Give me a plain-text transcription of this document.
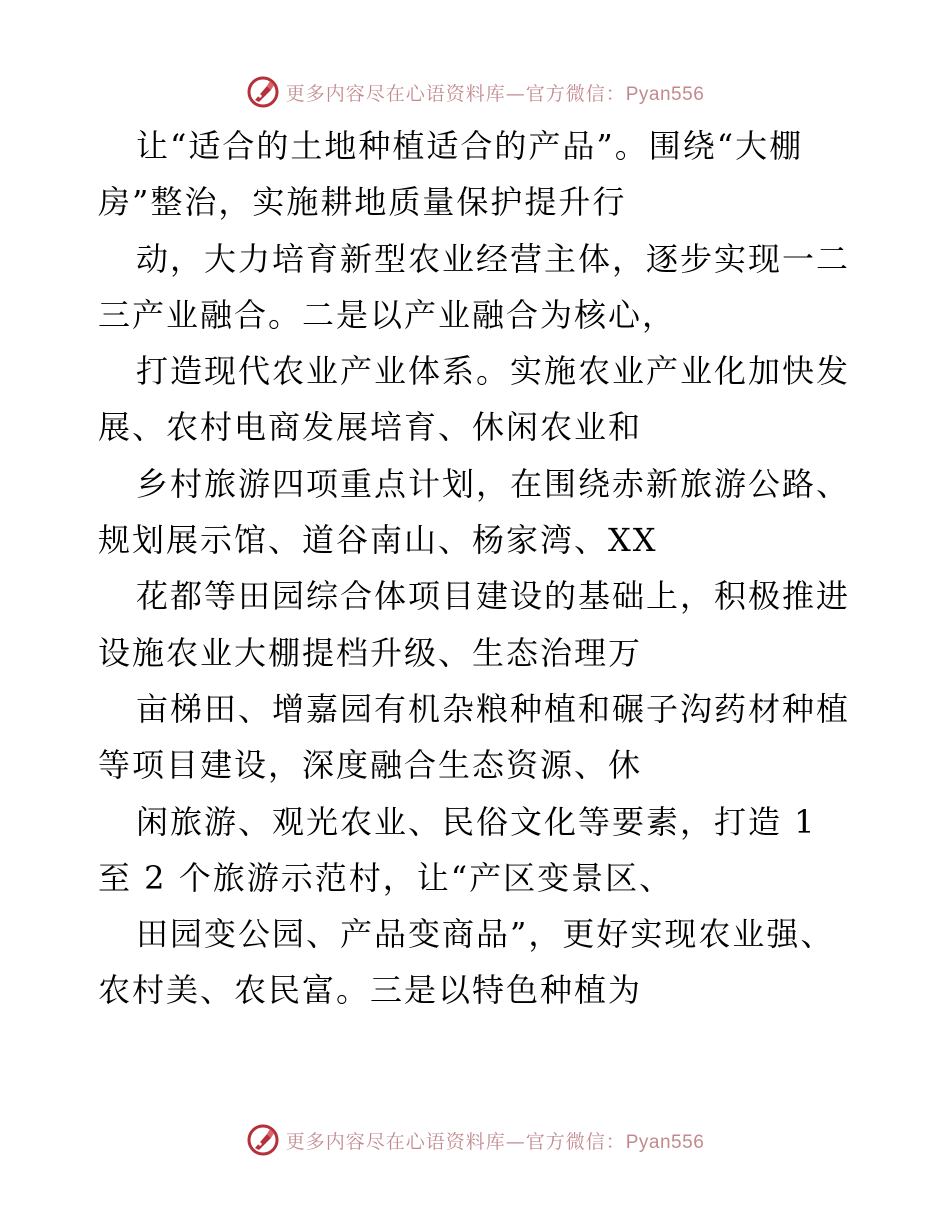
更多内容尽在心语资料库—官方微信：Pyan556
让“适合的土地种植适合的产品”。围绕“大棚
房”整治，实施耕地质量保护提升行
动，大力培育新型农业经营主体，逐步实现一二
三产业融合。二是以产业融合为核心，
打造现代农业产业体系。实施农业产业化加快发
展、农村电商发展培育、休闲农业和
乡村旅游四项重点计划，在围绕赤新旅游公路、
规划展示馆、道谷南山、杨家湾、XX
花都等田园综合体项目建设的基础上，积极推进
设施农业大棚提档升级、生态治理万
亩梯田、增嘉园有机杂粮种植和碾子沟药材种植
等项目建设，深度融合生态资源、休
闲旅游、观光农业、民俗文化等要素，打造 1
至 2 个旅游示范村，让“产区变景区、
田园变公园、产品变商品”，更好实现农业强、
农村美、农民富。三是以特色种植为
更多内容尽在心语资料库—官方微信：Pyan556
